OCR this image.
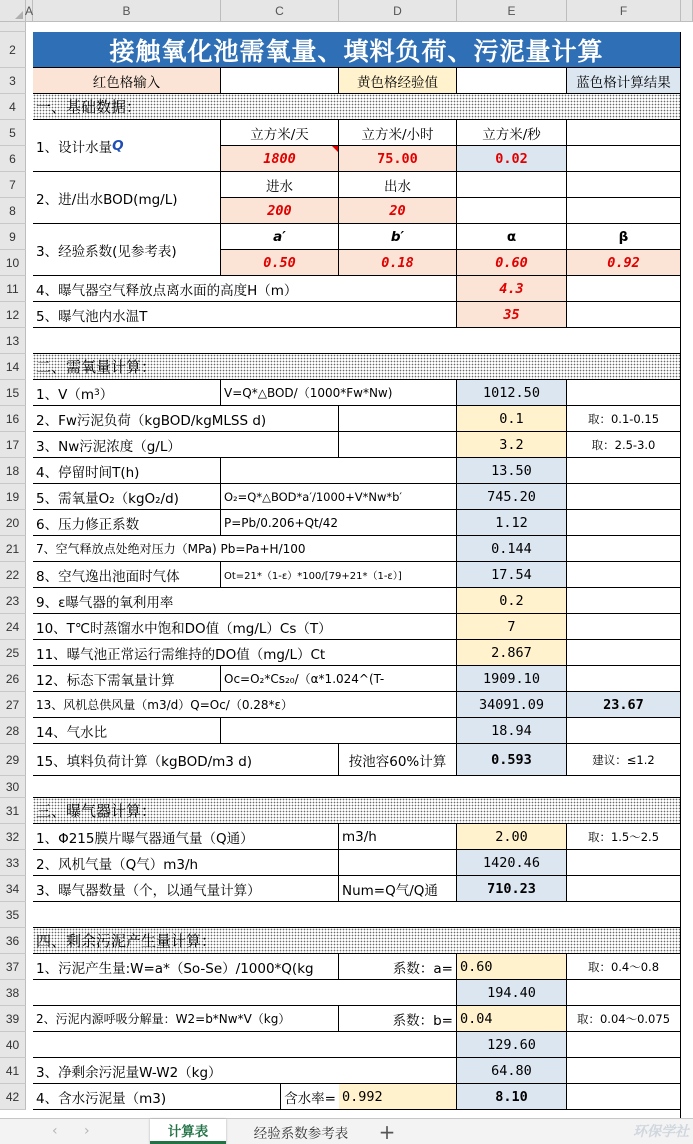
A	B	C	D	E	F
2
3
4
5
6
7
8
9
10
11
12
13
14
15
16
17
18
19
20
21
22
23
24
25
26
27
28
29
30
31
32
33
34
35
36
37
38
39
40
41
42
接触氧化池需氧量、填料负荷、污泥量计算
红色格输入	黄色格经验值	蓝色格计算结果
一、基础数据：
1、设计水量 Q
立方米/天	立方米/小时	立方米/秒
1800	75.00	0.02
2、进/出水BOD(mg/L)
进水	出水
200	20
3、经验系数(见参考表)
a′	b′	α	β
0.50	0.18	0.60	0.92
4、曝气器空气释放点离水面的高度H（m）	4.3
5、曝气池内水温T	35
二、需氧量计算：
1、V（m 3 ）	V=Q*△BOD/（1000*Fw*Nw)	1012.50
2、Fw污泥负荷（kgBOD/kgMLSS d)	0.1	取：0.1-0.15
3、Nw污泥浓度（g/L）	3.2	取：2.5-3.0
4、停留时间T(h)	13.50
5、需氧量O₂（kgO₂/d)	O₂=Q*△BOD*a′/1000+V*Nw*b′	745.20
6、压力修正系数	P=Pb/0.206+Qt/42	1.12
7、空气释放点处绝对压力（MPa) Pb=Pa+H/100	0.144
8、空气逸出池面时气体	Ot=21*（1-ε）*100/[79+21*（1-ε）]	17.54
9、ε曝气器的氧利用率	0.2
10、T℃时蒸馏水中饱和DO值（mg/L）Cs（T）	7
11、曝气池正常运行需维持的DO值（mg/L）Ct	2.867
12、标态下需氧量计算	Oc=O₂*Cs₂₀/（α*1.024^(T-	1909.10
13、风机总供风量（m3/d）Q=Oc/（0.28*ε）	34091.09	23.67
14、气水比	18.94
15、填料负荷计算（kgBOD/m3 d)	按池容60%计算	0.593	建议：≤1.2
三、曝气器计算：
1、Φ215膜片曝气器通气量（Q通）	m3/h	2.00	取：1.5～2.5
2、风机气量（Q气）m3/h	1420.46
3、曝气器数量（个，以通气量计算）	Num=Q气/Q通	710.23
四、剩余污泥产生量计算：
1、污泥产生量:W=a*（So-Se）/1000*Q(kg	系数：a= 0.60	取：0.4～0.8
194.40
2、污泥内源呼吸分解量：W2=b*Nw*V（kg）	系数：b= 0.04	取：0.04～0.075
129.60
3、净剩余污泥量W-W2（kg）	64.80
4、含水污泥量（m3)	含水率= 0.992	8.10
‹ ›	计算表	经验系数参考表	+	环保学社
